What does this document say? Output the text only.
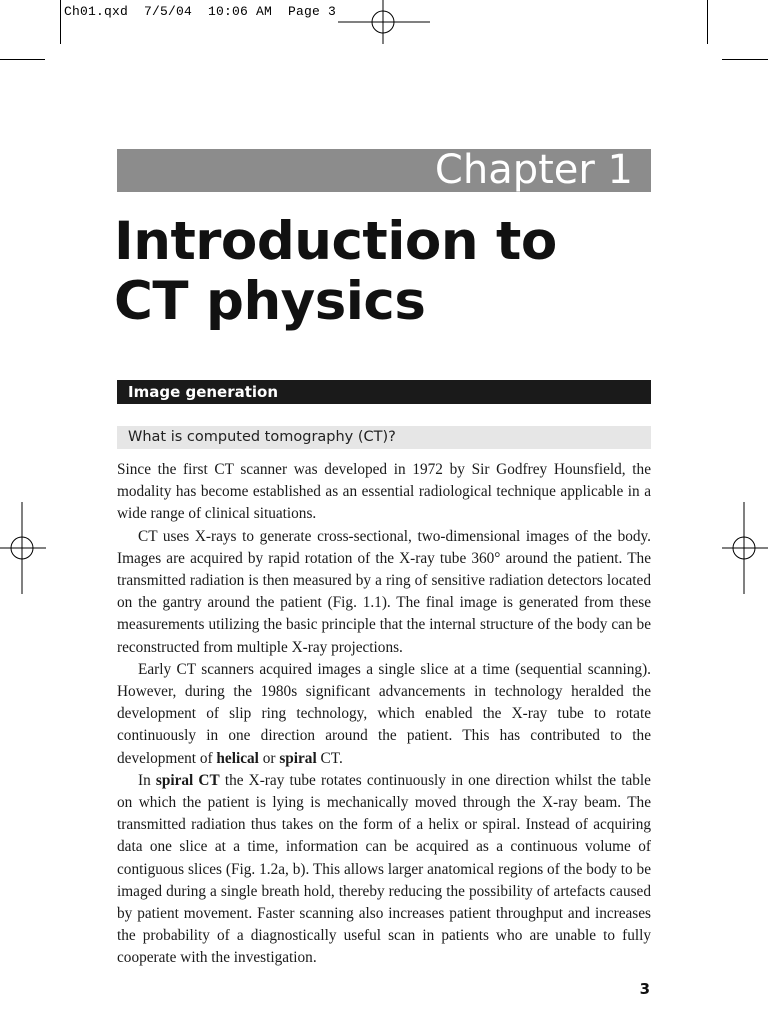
Ch01.qxd  7/5/04  10:06 AM  Page 3
Chapter 1
Introduction to
CT physics
Image generation
What is computed tomography (CT)?

Since the first CT scanner was developed in 1972 by Sir Godfrey Hounsfield, the modality has become established as an essential radiological technique applicable in a wide range of clinical situations.

CT uses X-rays to generate cross-sectional, two-dimensional images of the body. Images are acquired by rapid rotation of the X-ray tube 360° around the patient. The transmitted radiation is then measured by a ring of sensitive radiation detectors located on the gantry around the patient (Fig. 1.1). The final image is generated from these measurements utilizing the basic principle that the internal structure of the body can be reconstructed from multiple X-ray projections.

Early CT scanners acquired images a single slice at a time (sequential scanning). However, during the 1980s significant advancements in technology heralded the development of slip ring technology, which enabled the X-ray tube to rotate continuously in one direction around the patient. This has contributed to the development of helical or spiral CT.

In spiral CT the X-ray tube rotates continuously in one direction whilst the table on which the patient is lying is mechanically moved through the X-ray beam. The transmitted radiation thus takes on the form of a helix or spiral. Instead of acquiring data one slice at a time, information can be acquired as a continuous volume of contiguous slices (Fig. 1.2a, b). This allows larger anatomical regions of the body to be imaged during a single breath hold, thereby reducing the possibility of artefacts caused by patient movement. Faster scanning also increases patient throughput and increases the probability of a diagnostically useful scan in patients who are unable to fully cooperate with the investigation.

3
